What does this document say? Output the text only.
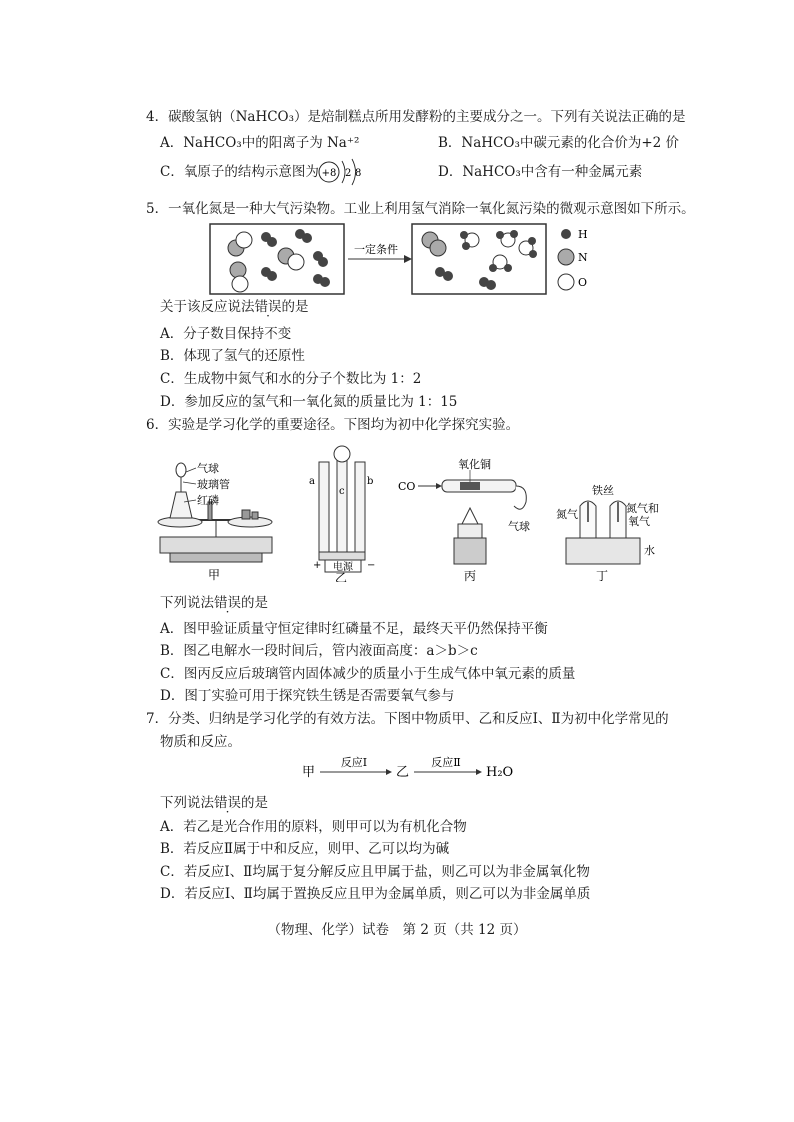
4．碳酸氢钠（NaHCO₃）是焙制糕点所用发酵粉的主要成分之一。下列有关说法正确的是
A．NaHCO₃中的阳离子为 Na⁺²	B．NaHCO₃中碳元素的化合价为+2 价
C．氧原子的结构示意图为 +8 2 8	D．NaHCO₃中含有一种金属元素
5．一氧化氮是一种大气污染物。工业上利用氢气消除一氧化氮污染的微观示意图如下所示。
一定条件
H
N
O
关于该反应说法错误的是
A．分子数目保持不变
B．体现了氢气的还原性
C．生成物中氮气和水的分子个数比为 1：2
D．参加反应的氢气和一氧化氮的质量比为 1：15
6．实验是学习化学的重要途径。下图均为初中化学探究实验。
气球
玻璃管
红磷
甲
电源
+	−
a	b
c
乙
CO
氧化铜
气球
丙
铁丝
氮气	氮气和
氧气
水
丁
下列说法错误的是
A．图甲验证质量守恒定律时红磷量不足，最终天平仍然保持平衡
B．图乙电解水一段时间后，管内液面高度：a＞b＞c
C．图丙反应后玻璃管内固体减少的质量小于生成气体中氧元素的质量
D．图丁实验可用于探究铁生锈是否需要氧气参与
7．分类、归纳是学习化学的有效方法。下图中物质甲、乙和反应Ⅰ、Ⅱ为初中化学常见的
物质和反应。
甲
反应Ⅰ
乙
反应Ⅱ
H₂O
下列说法错误的是
A．若乙是光合作用的原料，则甲可以为有机化合物
B．若反应Ⅱ属于中和反应，则甲、乙可以均为碱
C．若反应Ⅰ、Ⅱ均属于复分解反应且甲属于盐，则乙可以为非金属氧化物
D．若反应Ⅰ、Ⅱ均属于置换反应且甲为金属单质，则乙可以为非金属单质
（物理、化学）试卷　第 2 页（共 12 页）
